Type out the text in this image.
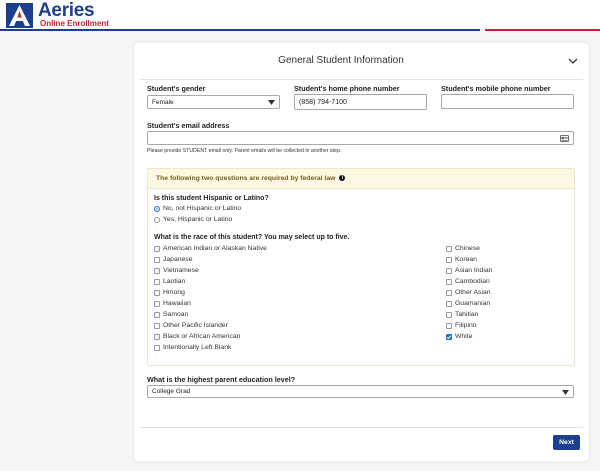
Aeries
Online Enrollment
General Student Information
Student's gender
Female
Student's home phone number
(858) 794-7100
Student's mobile phone number
Student's email address
Please provide STUDENT email only. Parent emails will be collected in another step.
The following two questions are required by federal law i
Is this student Hispanic or Latino?
No, not Hispanic or Latino
Yes, Hispanic or Latino
What is the race of this student? You may select up to five.
American Indian or Alaskan Native
Japanese
Vietnamese
Laotian
Hmong
Hawaiian
Samoan
Other Pacific Islander
Black or African American
Intentionally Left Blank
Chinese
Korean
Asian Indian
Cambodian
Other Asian
Guamanian
Tahitian
Filipino
White
What is the highest parent education level?
College Grad
Next
